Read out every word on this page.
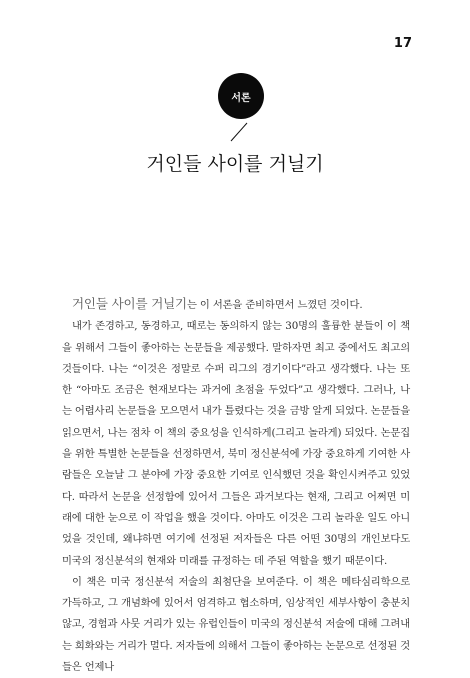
17
서론
거인들 사이를 거닐기

거인들 사이를 거닐기는 이 서론을 준비하면서 느꼈던 것이다.

내가 존경하고, 동경하고, 때로는 동의하지 않는 30명의 훌륭한 분들이 이 책을 위해서 그들이 좋아하는 논문들을 제공했다. 말하자면 최고 중에서도 최고의 것들이다. 나는 “이것은 정말로 수퍼 리그의 경기이다”라고 생각했다. 나는 또한 “아마도 조금은 현재보다는 과거에 초점을 두었다”고 생각했다. 그러나, 나는 어렵사리 논문들을 모으면서 내가 틀렸다는 것을 금방 알게 되었다. 논문들을 읽으면서, 나는 점차 이 책의 중요성을 인식하게(그리고 놀라게) 되었다. 논문집을 위한 특별한 논문들을 선정하면서, 북미 정신분석에 가장 중요하게 기여한 사람들은 오늘날 그 분야에 가장 중요한 기여로 인식했던 것을 확인시켜주고 있었다. 따라서 논문을 선정함에 있어서 그들은 과거보다는 현재, 그리고 어쩌면 미래에 대한 눈으로 이 작업을 했을 것이다. 아마도 이것은 그리 놀라운 일도 아니었을 것인데, 왜냐하면 여기에 선정된 저자들은 다른 어떤 30명의 개인보다도 미국의 정신분석의 현재와 미래를 규정하는 데 주된 역할을 했기 때문이다.

이 책은 미국 정신분석 저술의 최첨단을 보여준다. 이 책은 메타심리학으로 가득하고, 그 개념화에 있어서 엄격하고 협소하며, 임상적인 세부사항이 충분치 않고, 경험과 사뭇 거리가 있는 유럽인들이 미국의 정신분석 저술에 대해 그려내는 희화와는 거리가 멀다. 저자들에 의해서 그들이 좋아하는 논문으로 선정된 것들은 언제나
